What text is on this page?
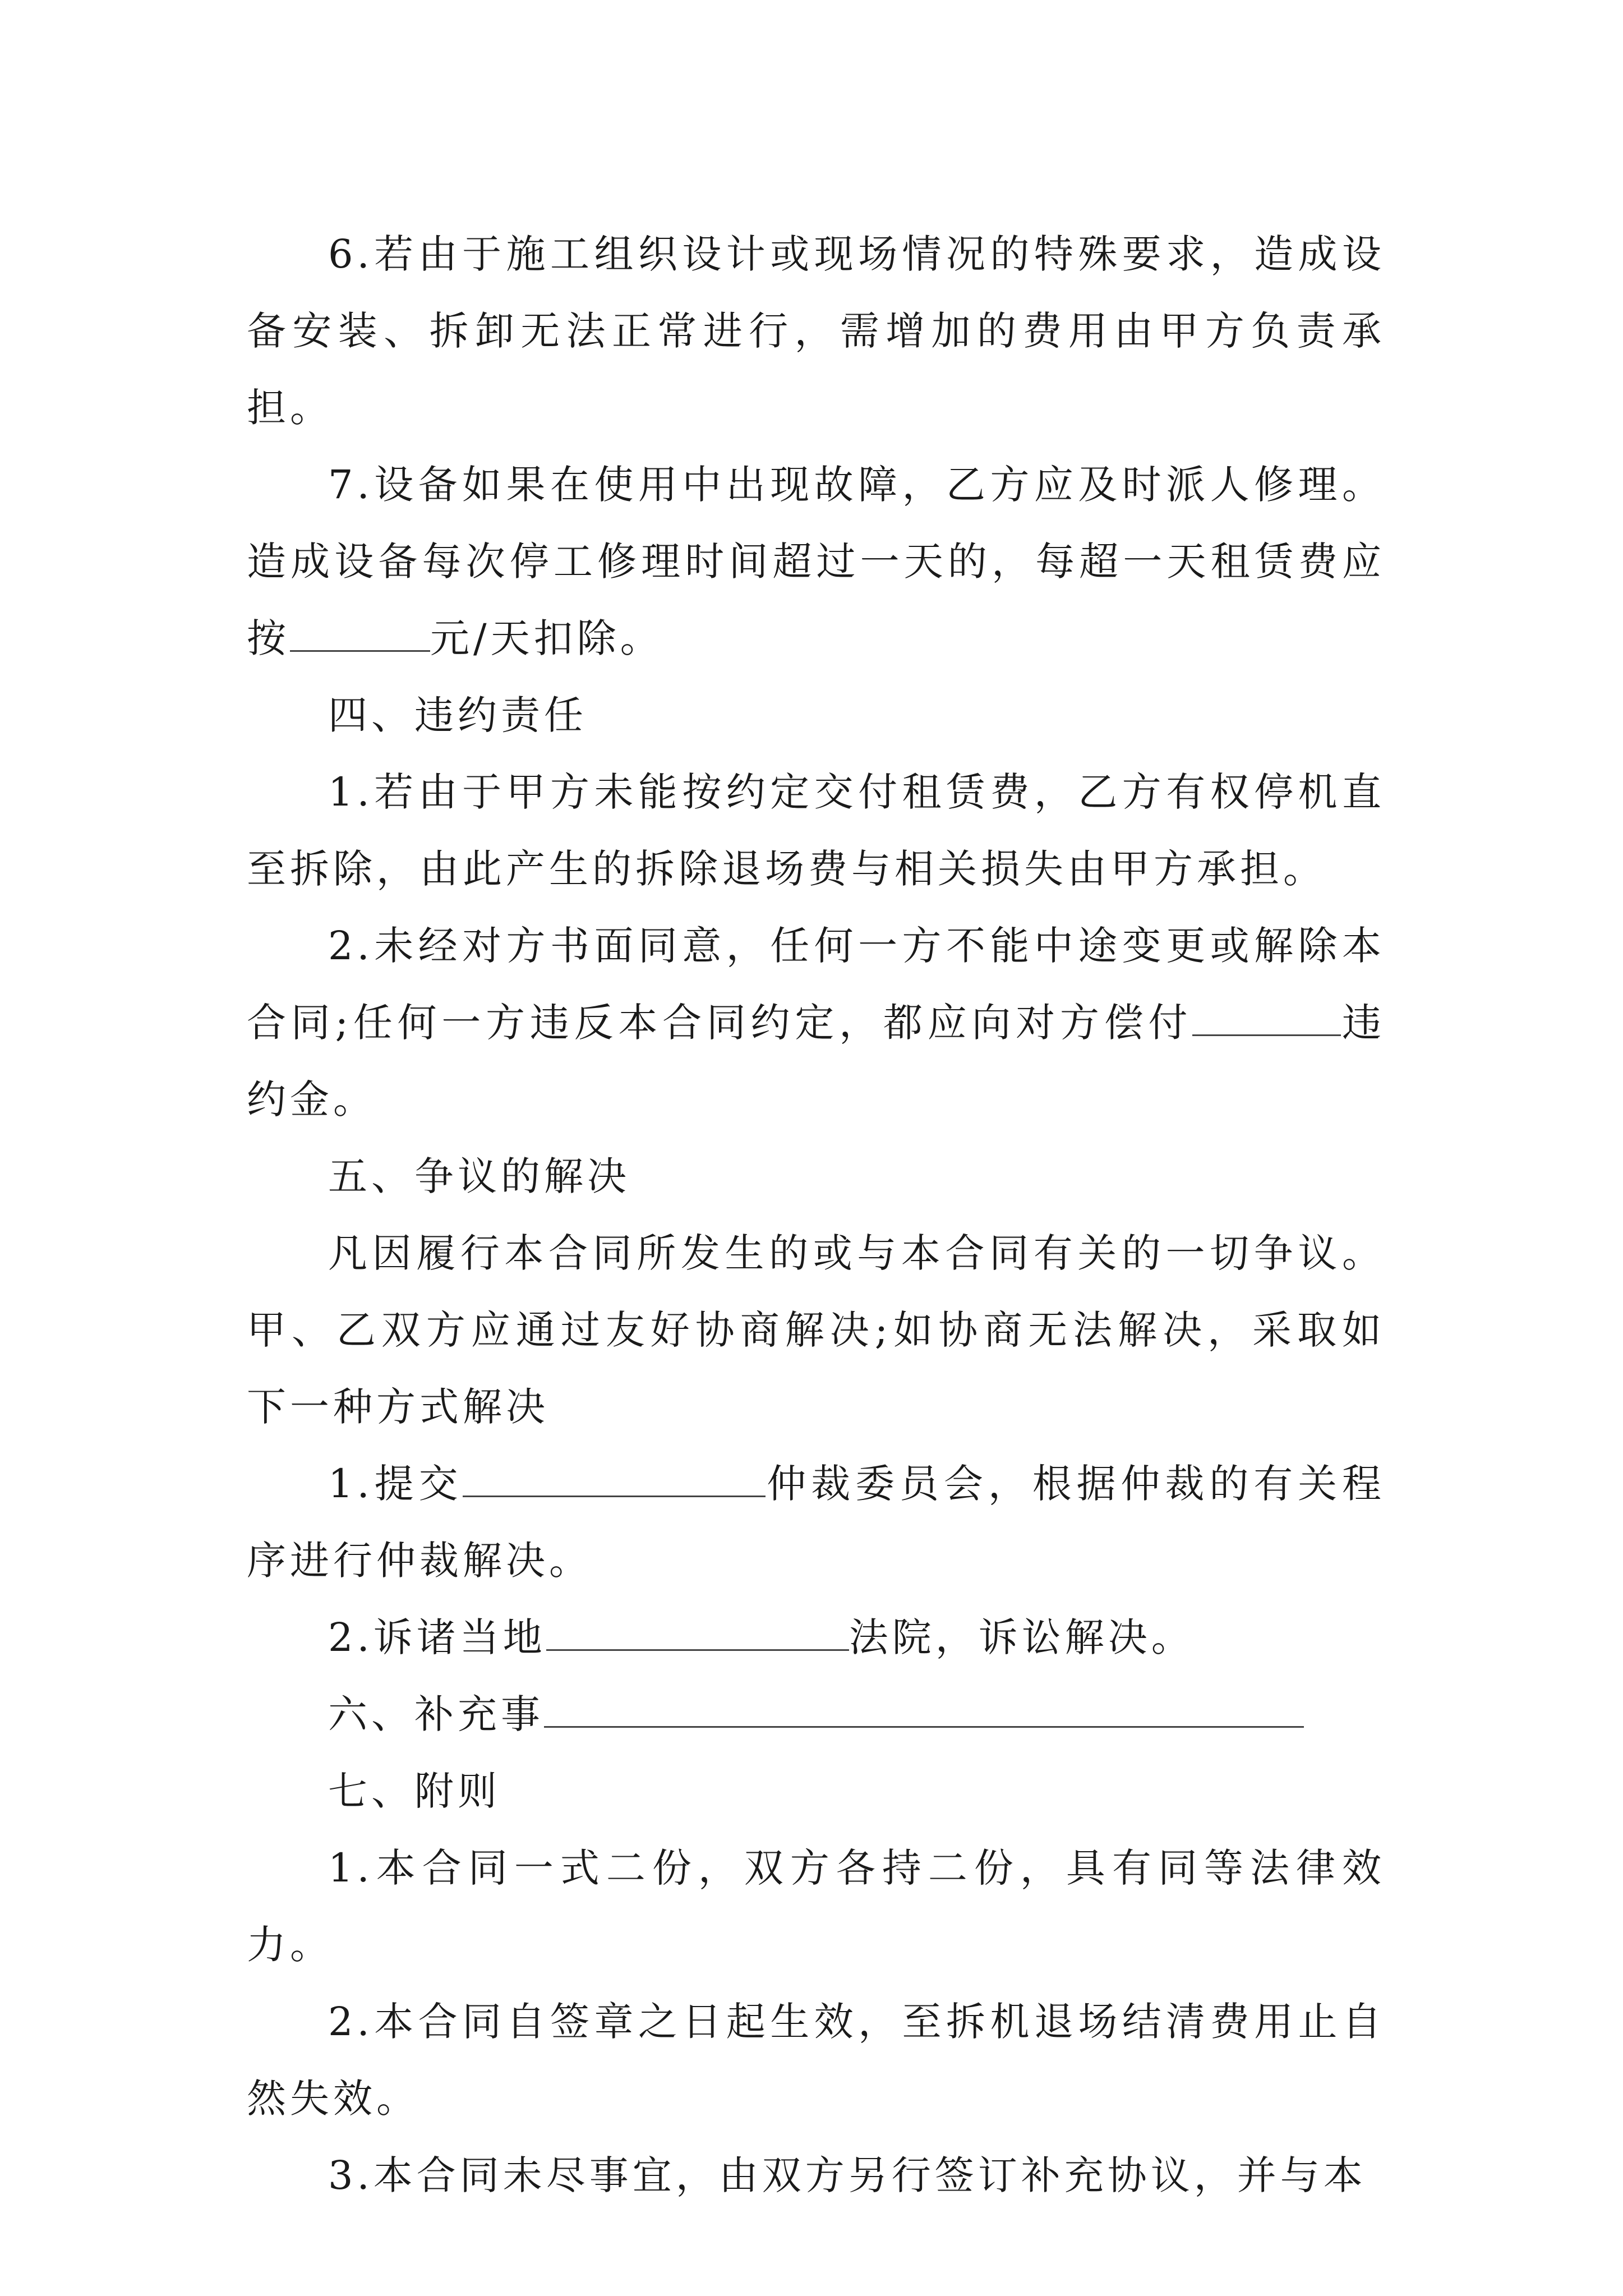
6.若由于施工组织设计或现场情况的特殊要求，造成设备安装、拆卸无法正常进行，需增加的费用由甲方负责承担。

7.设备如果在使用中出现故障，乙方应及时派人修理。造成设备每次停工修理时间超过一天的，每超一天租赁费应按	元/天扣除。

四、违约责任

1.若由于甲方未能按约定交付租赁费，乙方有权停机直至拆除，由此产生的拆除退场费与相关损失由甲方承担。

2.未经对方书面同意，任何一方不能中途变更或解除本合同;任何一方违反本合同约定，都应向对方偿付	违约金。

五、争议的解决

凡因履行本合同所发生的或与本合同有关的一切争议。甲、乙双方应通过友好协商解决;如协商无法解决，采取如下一种方式解决

1.提交	仲裁委员会，根据仲裁的有关程序进行仲裁解决。

2.诉诸当地	法院，诉讼解决。

六、补充事

七、附则

1.本合同一式二份，双方各持二份，具有同等法律效力。

2.本合同自签章之日起生效，至拆机退场结清费用止自然失效。

3.本合同未尽事宜，由双方另行签订补充协议，并与本
